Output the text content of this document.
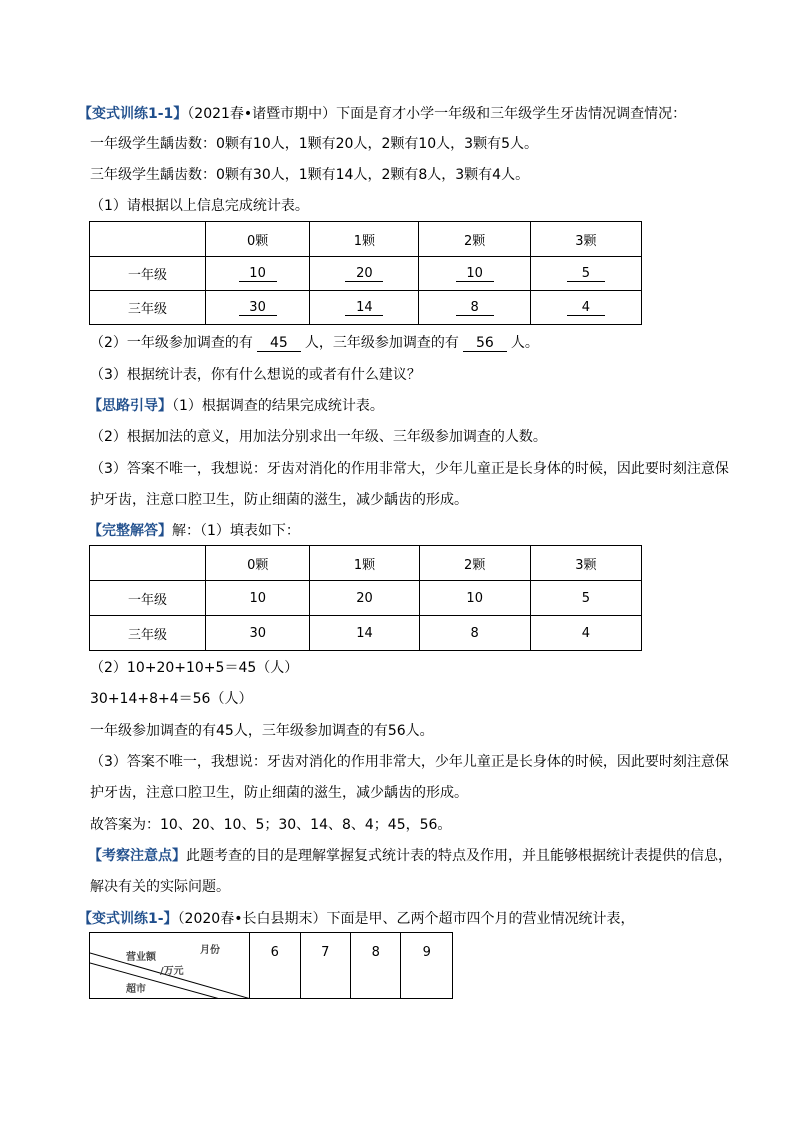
【变式训练1-1】（2021春•诸暨市期中）下面是育才小学一年级和三年级学生牙齿情况调查情况：
一年级学生龋齿数：0颗有10人，1颗有20人，2颗有10人，3颗有5人。
三年级学生龋齿数：0颗有30人，1颗有14人，2颗有8人，3颗有4人。
（1）请根据以上信息完成统计表。
	0颗	1颗	2颗	3颗
一年级	10	20	10	5
三年级	30	14	8	4
（2）一年级参加调查的有 45 人，三年级参加调查的有 56 人。
（3）根据统计表，你有什么想说的或者有什么建议？
【思路引导】（1）根据调查的结果完成统计表。
（2）根据加法的意义，用加法分别求出一年级、三年级参加调查的人数。
（3）答案不唯一，我想说：牙齿对消化的作用非常大，少年儿童正是长身体的时候，因此要时刻注意保
护牙齿，注意口腔卫生，防止细菌的滋生，减少龋齿的形成。
【完整解答】解：（1）填表如下：
	0颗	1颗	2颗	3颗
一年级	10	20	10	5
三年级	30	14	8	4
（2）10+20+10+5＝45（人）
30+14+8+4＝56（人）
一年级参加调查的有45人，三年级参加调查的有56人。
（3）答案不唯一，我想说：牙齿对消化的作用非常大，少年儿童正是长身体的时候，因此要时刻注意保
护牙齿，注意口腔卫生，防止细菌的滋生，减少龋齿的形成。
故答案为：10、20、10、5；30、14、8、4；45，56。
【考察注意点】此题考查的目的是理解掌握复式统计表的特点及作用，并且能够根据统计表提供的信息，
解决有关的实际问题。
【变式训练1-】（2020春•长白县期末）下面是甲、乙两个超市四个月的营业情况统计表，
月份
营业额
/万元
超市
	6	7	8	9
